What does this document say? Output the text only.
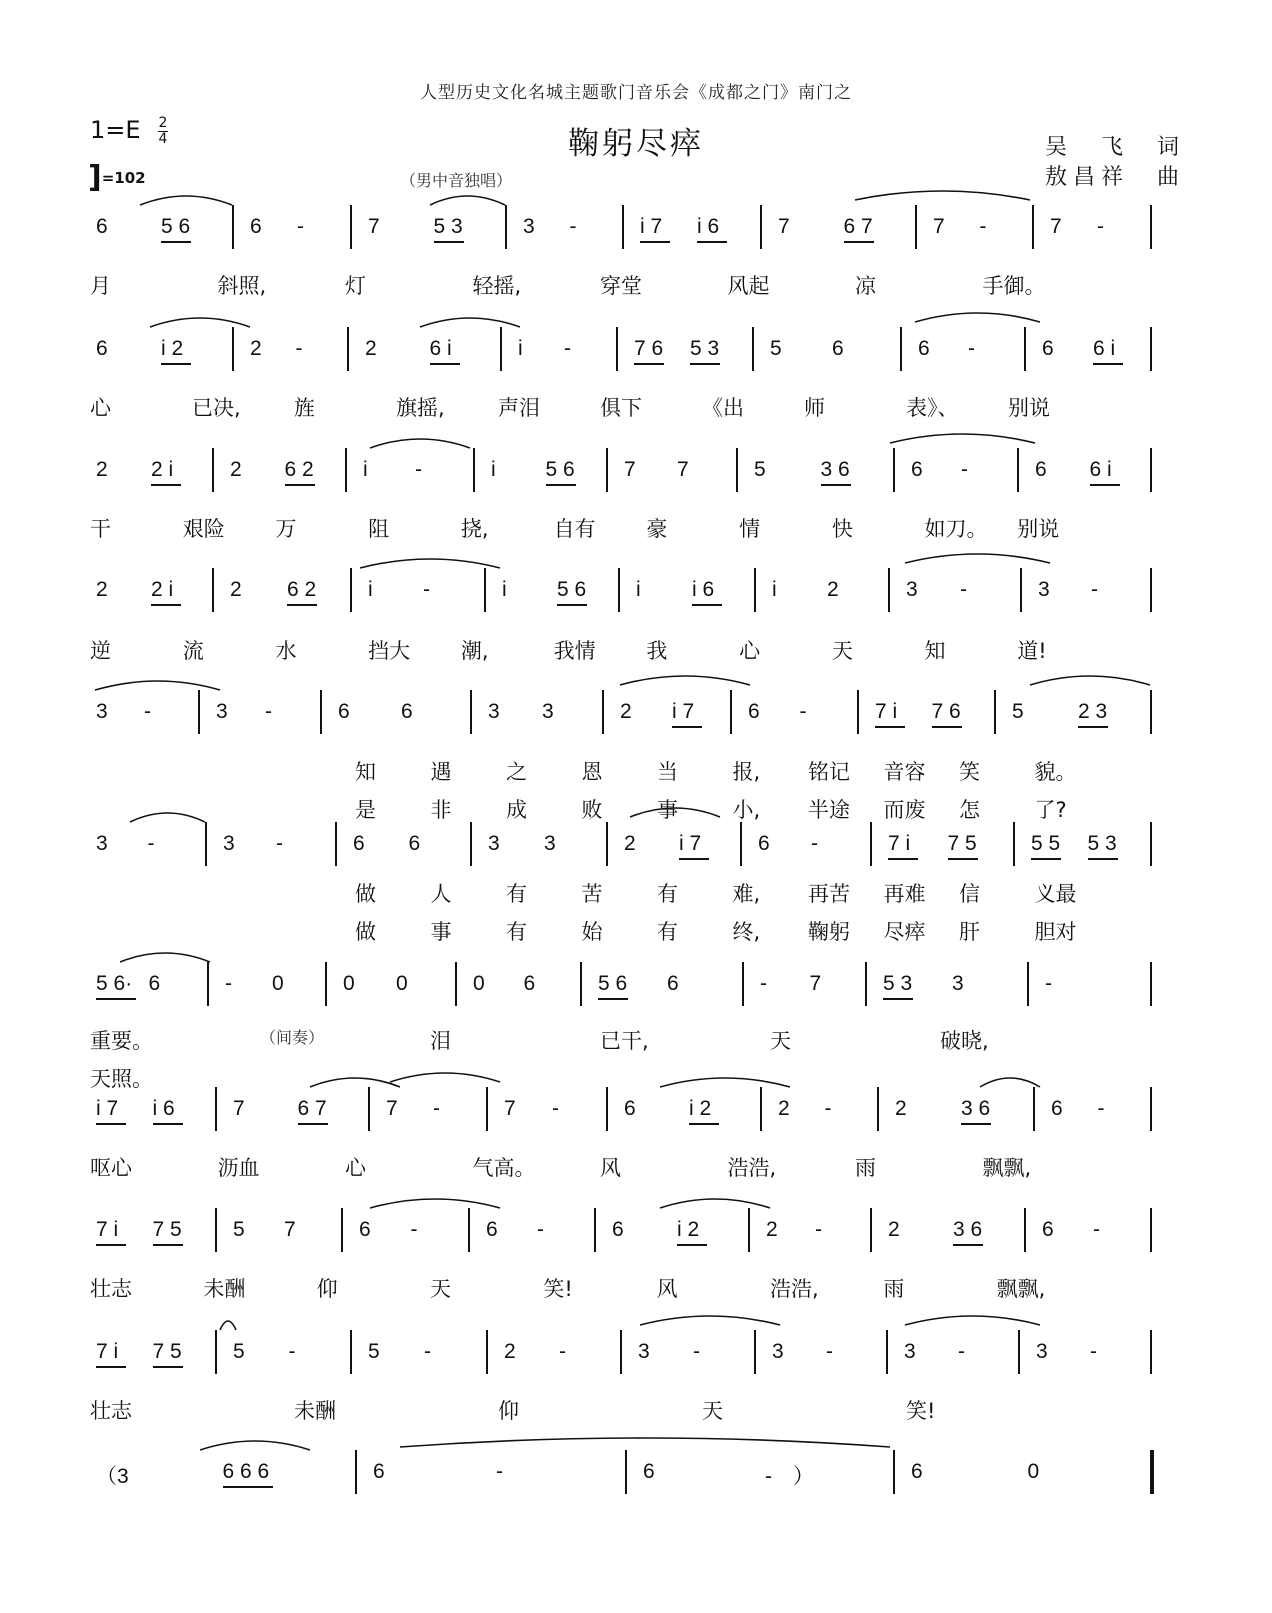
人型历史文化名城主题歌门音乐会《成都之门》南门之
鞠躬尽瘁
（男中音独唱）
吴　飞　词
敖昌祥　曲
1=E 2
4
]=102
6	5 6	6 -	7	5 3	3 -	i 7 i 6	7	6 7	7 -	7 -
月	斜照,	灯	轻摇,	穿堂	风起	凉	手御。
6	i 2	2 -	2	6 i	i -	7 6 5 3 5 6	6 -	6 6 i
心	已决,	旌	旗摇,	声泪	俱下	《出	师	表》、 别说
2 2 i	2 6 2 i -	i 5 6 7 7	5	3 6	6 -	6 6 i
干	艰险 万	阻	挠,	自有 豪	情	快	如刀。 别说
2 2 i	2 6 2 i -	i 5 6 i i 6	i 2	3 -	3 -
逆	流	水	挡大 潮,	我情 我	心	天	知	道!
3 -	3 -	6 6	3 3	2 i 7	6 -	7 i 7 6 5	2 3
知	遇	之	恩	当	报, 铭记 音容 笑	貌。
是	非	成	败	事	小, 半途 而废 怎	了?
3 -	3 -	6 6	3 3	2 i 7	6 -	7 i 7 5	5 5 5 3
做	人	有	苦	有	难, 再苦 再难 信	义最
做	事	有	始	有	终, 鞠躬 尽瘁 肝	胆对
5 6· 6	- 0	0 0	0 6	5 6 6	- 7	5 3 3	-
重要。	（间奏）	泪	已干,	天	破晓,
天照。
i 7 i 6	7	6 7	7 -	7 -	6	i 2	2 -	2	3 6	6 -
呕心	沥血	心	气高。	风	浩浩,	雨	飘飘,
7 i 7 5 5 7	6 -	6 -	6	i 2	2 -	2	3 6	6 -
壮志	未酬	仰	天	笑!	风	浩浩,	雨	飘飘,
7 i 7 5 5 -	5 -	2 -	3 -	3 -	3 -	3 -
壮志	未酬	仰	天	笑!
（3	6 6 6	6	-	6	-　）	6	0
